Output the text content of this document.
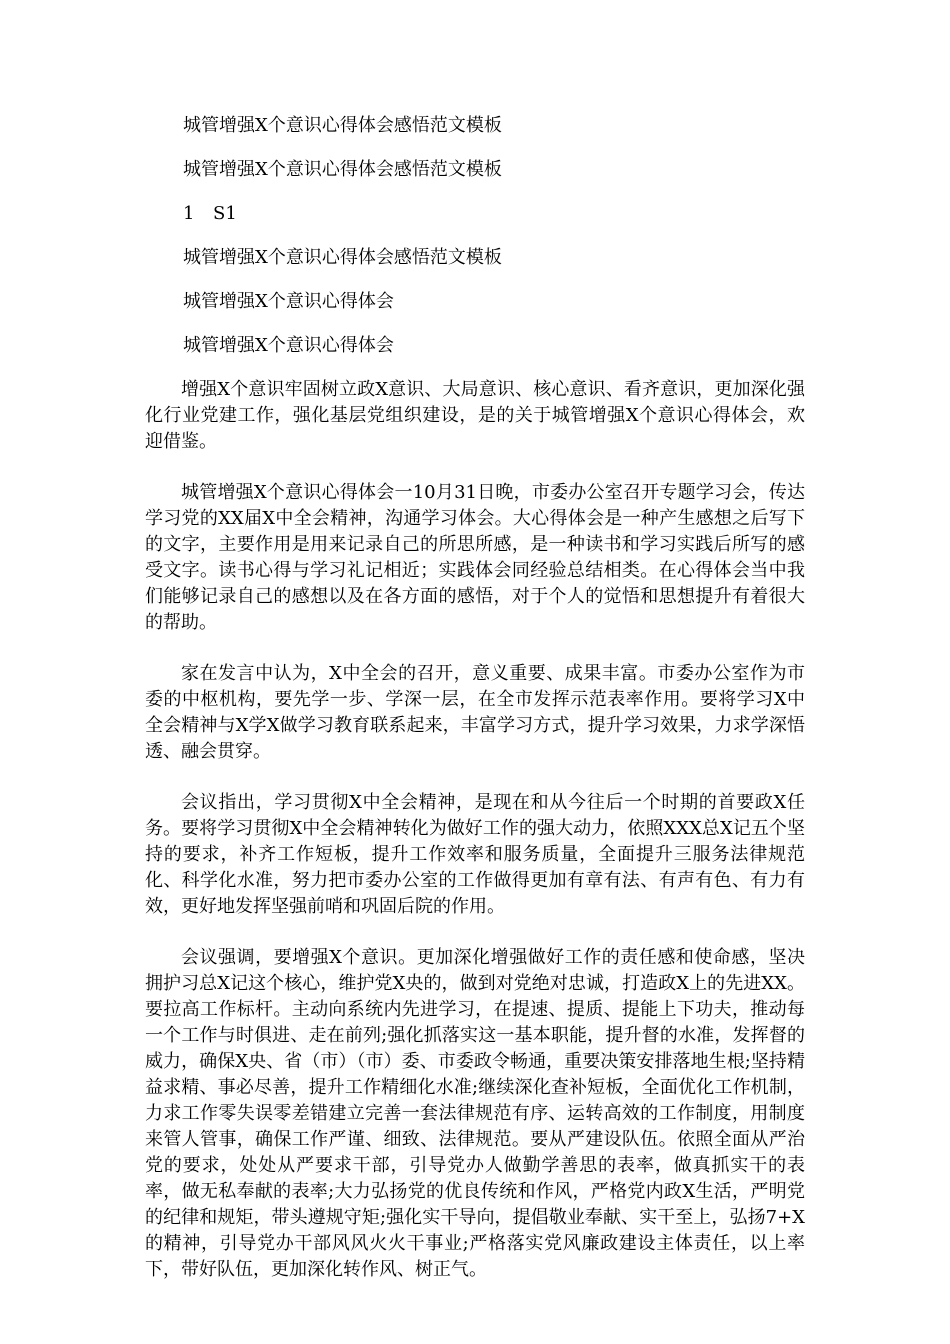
城管增强X个意识心得体会感悟范文模板

城管增强X个意识心得体会感悟范文模板

1	S1

城管增强X个意识心得体会感悟范文模板

城管增强X个意识心得体会

城管增强X个意识心得体会

增强X个意识牢固树立政X意识、大局意识、核心意识、看齐意识，更加深化强化行业党建工作，强化基层党组织建设，是的关于城管增强X个意识心得体会，欢迎借鉴。

城管增强X个意识心得体会一10月31日晚，市委办公室召开专题学习会，传达学习党的XX届X中全会精神，沟通学习体会。大心得体会是一种产生感想之后写下的文字，主要作用是用来记录自己的所思所感，是一种读书和学习实践后所写的感受文字。读书心得与学习礼记相近；实践体会同经验总结相类。在心得体会当中我们能够记录自己的感想以及在各方面的感悟，对于个人的觉悟和思想提升有着很大的帮助。

家在发言中认为，X中全会的召开，意义重要、成果丰富。市委办公室作为市委的中枢机构，要先学一步、学深一层，在全市发挥示范表率作用。要将学习X中全会精神与X学X做学习教育联系起来，丰富学习方式，提升学习效果，力求学深悟透、融会贯穿。

会议指出，学习贯彻X中全会精神，是现在和从今往后一个时期的首要政X任务。要将学习贯彻X中全会精神转化为做好工作的强大动力，依照XXX总X记五个坚持的要求，补齐工作短板，提升工作效率和服务质量，全面提升三服务法律规范化、科学化水准，努力把市委办公室的工作做得更加有章有法、有声有色、有力有效，更好地发挥坚强前哨和巩固后院的作用。

会议强调，要增强X个意识。更加深化增强做好工作的责任感和使命感，坚决拥护习总X记这个核心，维护党X央的，做到对党绝对忠诚，打造政X上的先进XX。要拉高工作标杆。主动向系统内先进学习，在提速、提质、提能上下功夫，推动每一个工作与时俱进、走在前列;强化抓落实这一基本职能，提升督的水准，发挥督的威力，确保X央、省（市）（市）委、市委政令畅通，重要决策安排落地生根;坚持精益求精、事必尽善，提升工作精细化水准;继续深化查补短板，全面优化工作机制，力求工作零失误零差错建立完善一套法律规范有序、运转高效的工作制度，用制度来管人管事，确保工作严谨、细致、法律规范。要从严建设队伍。依照全面从严治党的要求，处处从严要求干部，引导党办人做勤学善思的表率，做真抓实干的表率，做无私奉献的表率;大力弘扬党的优良传统和作风，严格党内政X生活，严明党的纪律和规矩，带头遵规守矩;强化实干导向，提倡敬业奉献、实干至上，弘扬7+X的精神，引导党办干部风风火火干事业;严格落实党风廉政建设主体责任，以上率下，带好队伍，更加深化转作风、树正气。
